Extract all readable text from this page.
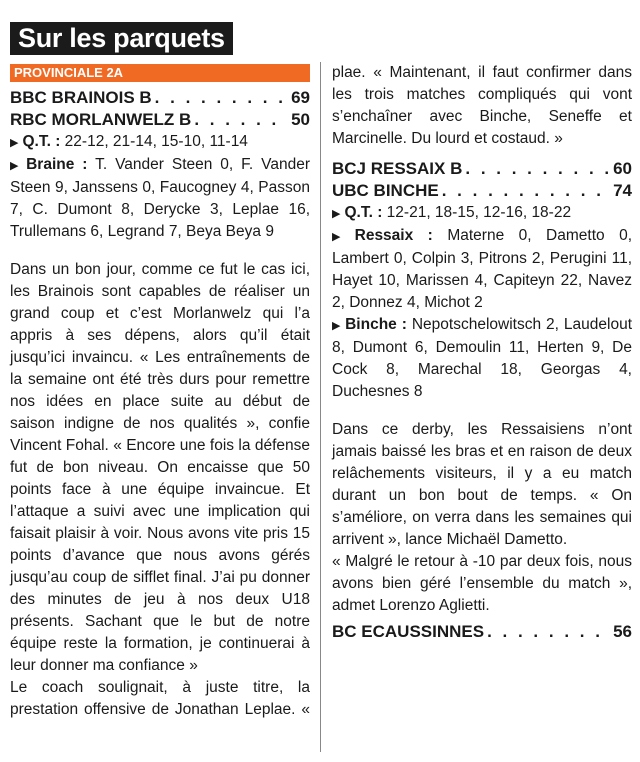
Sur les parquets
PROVINCIALE 2A
BBC BRAINOIS B . . .	69
RBC MORLANWELZ B . . .	50

▶ Q.T. : 22-12, 21-14, 15-10, 11-14

▶ Braine : T. Vander Steen 0, F. Vander Steen 9, Janssens 0, Faucogney 4, Passon 7, C. Dumont 8, Derycke 3, Leplae 16, Trullemans 6, Legrand 7, Beya Beya 9

Dans un bon jour, comme ce fut le cas ici, les Brainois sont capables de réaliser un grand coup et c’est Morlanwelz qui l’a appris à ses dépens, alors qu’il était jusqu’ici invaincu. « Les entraînements de la semaine ont été très durs pour remettre nos idées en place suite au début de saison indigne de nos qualités », confie Vincent Fohal. « Encore une fois la défense fut de bon niveau. On encaisse que 50 points face à une équipe invaincue. Et l’attaque a suivi avec une implication qui faisait plaisir à voir. Nous avons vite pris 15 points d’avance que nous avons gérés jusqu’au coup de sifflet final. J’ai pu donner des minutes de jeu à nos deux U18 présents. Sachant que le but de notre équipe reste la formation, je continuerai à leur donner ma confiance »

Le coach soulignait, à juste titre, la prestation offensive de Jonathan Leplae. «

plae. « Maintenant, il faut confirmer dans les trois matches compliqués qui vont s’enchaîner avec Binche, Seneffe et Marcinelle. Du lourd et costaud. »

BCJ RESSAIX B . . .	60
UBC BINCHE . . .	74

▶ Q.T. : 12-21, 18-15, 12-16, 18-22

▶ Ressaix : Materne 0, Dametto 0, Lambert 0, Colpin 3, Pitrons 2, Perugini 11, Hayet 10, Marissen 4, Capiteyn 22, Navez 2, Donnez 4, Michot 2

▶ Binche : Nepotschelowitsch 2, Laudelout 8, Dumont 6, Demoulin 11, Herten 9, De Cock 8, Marechal 18, Georgas 4, Duchesnes 8

Dans ce derby, les Ressaisiens n’ont jamais baissé les bras et en raison de deux relâchements visiteurs, il y a eu match durant un bon bout de temps. « On s’améliore, on verra dans les semaines qui arrivent », lance Michaël Dametto.

« Malgré le retour à -10 par deux fois, nous avons bien géré l’ensemble du match », admet Lorenzo Aglietti.

BC ECAUSSINNES . . .	56
